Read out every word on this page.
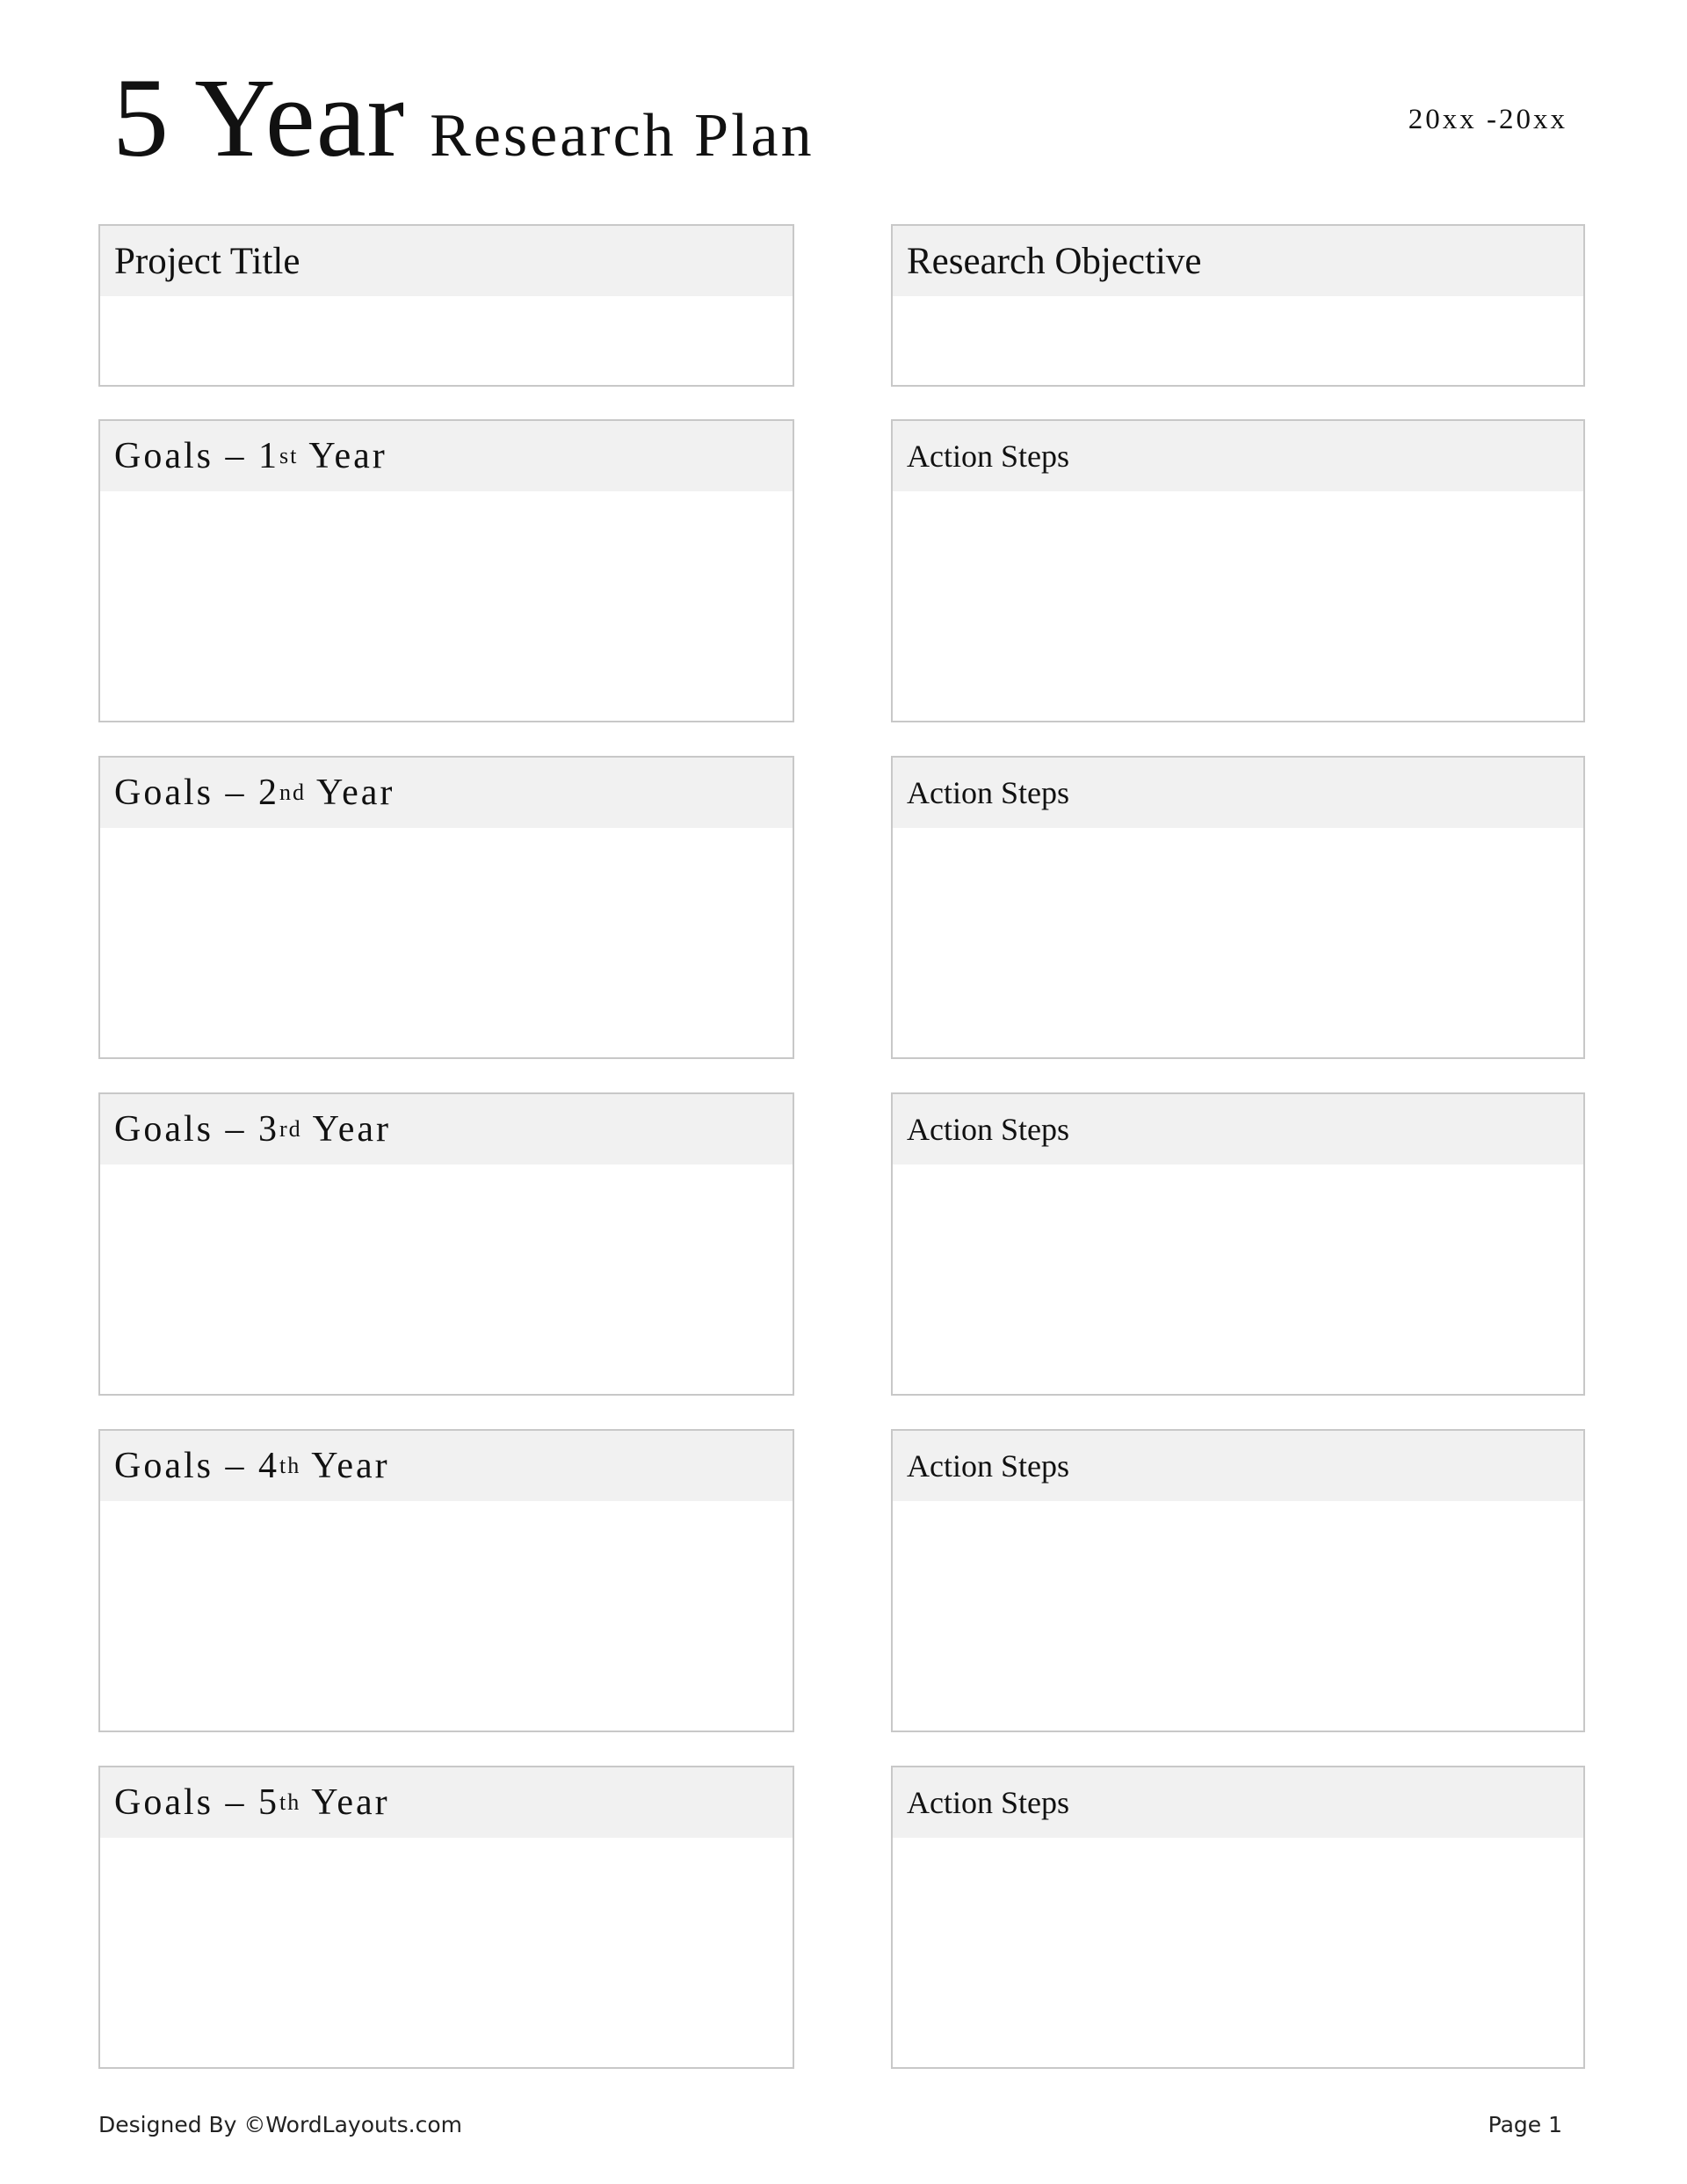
5 Year Research Plan	20xx -20xx
Project Title	Research Objective
Goals – 1 st Year	Action Steps
Goals – 2 nd Year	Action Steps
Goals – 3 rd Year	Action Steps
Goals – 4 th Year	Action Steps
Goals – 5 th Year	Action Steps
Designed By ©WordLayouts.com	Page 1
